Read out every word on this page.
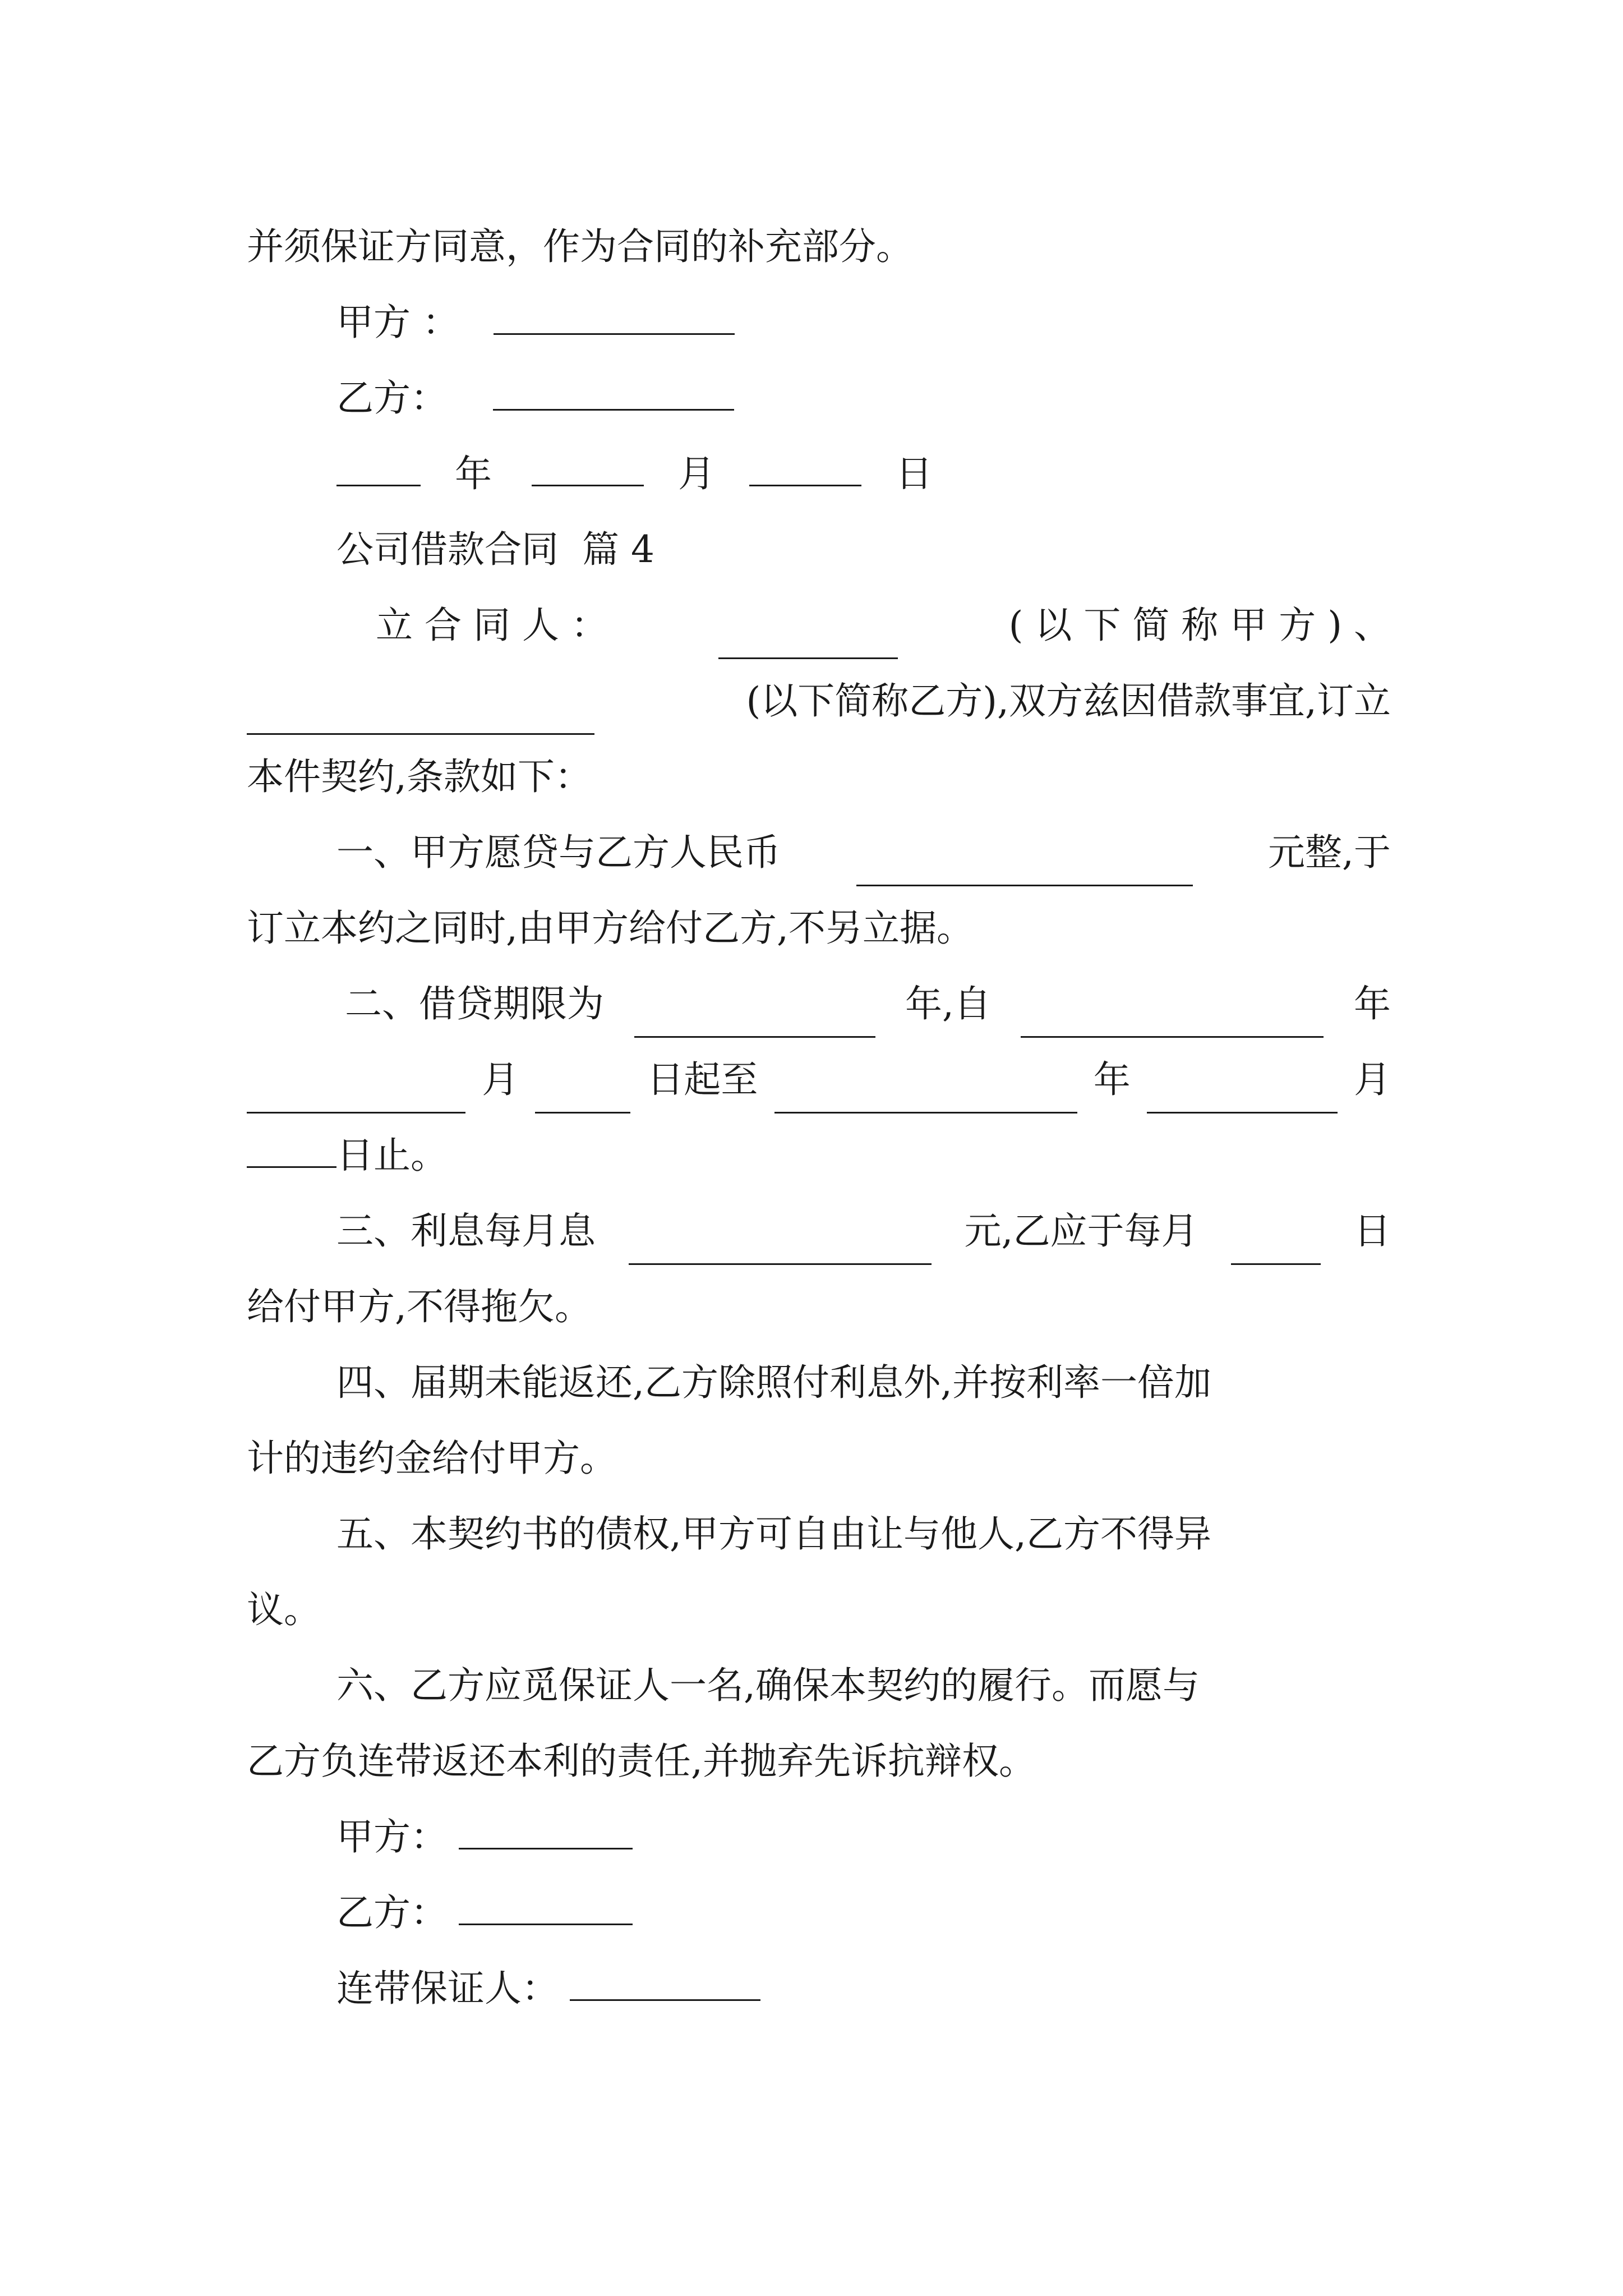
并须保证方同意，作为合同的补充部分。
甲方 ：
乙方：
年	月	日
公司借款合同  篇 4
立 合 同 人 ：	( 以 下 简 称 甲 方 ) 、
(以下简称乙方),双方兹因借款事宜,订立
本件契约,条款如下：
一、甲方愿贷与乙方人民币	元整,于
订立本约之同时,由甲方给付乙方,不另立据。
二、借贷期限为	年,自	年
月	日起至	年	月
日止。
三、利息每月息	元,乙应于每月	日
给付甲方,不得拖欠。
四、届期未能返还,乙方除照付利息外,并按利率一倍加
计的违约金给付甲方。
五、本契约书的债权,甲方可自由让与他人,乙方不得异
议。
六、乙方应觅保证人一名,确保本契约的履行。而愿与
乙方负连带返还本利的责任,并抛弃先诉抗辩权。
甲方：
乙方：
连带保证人：
